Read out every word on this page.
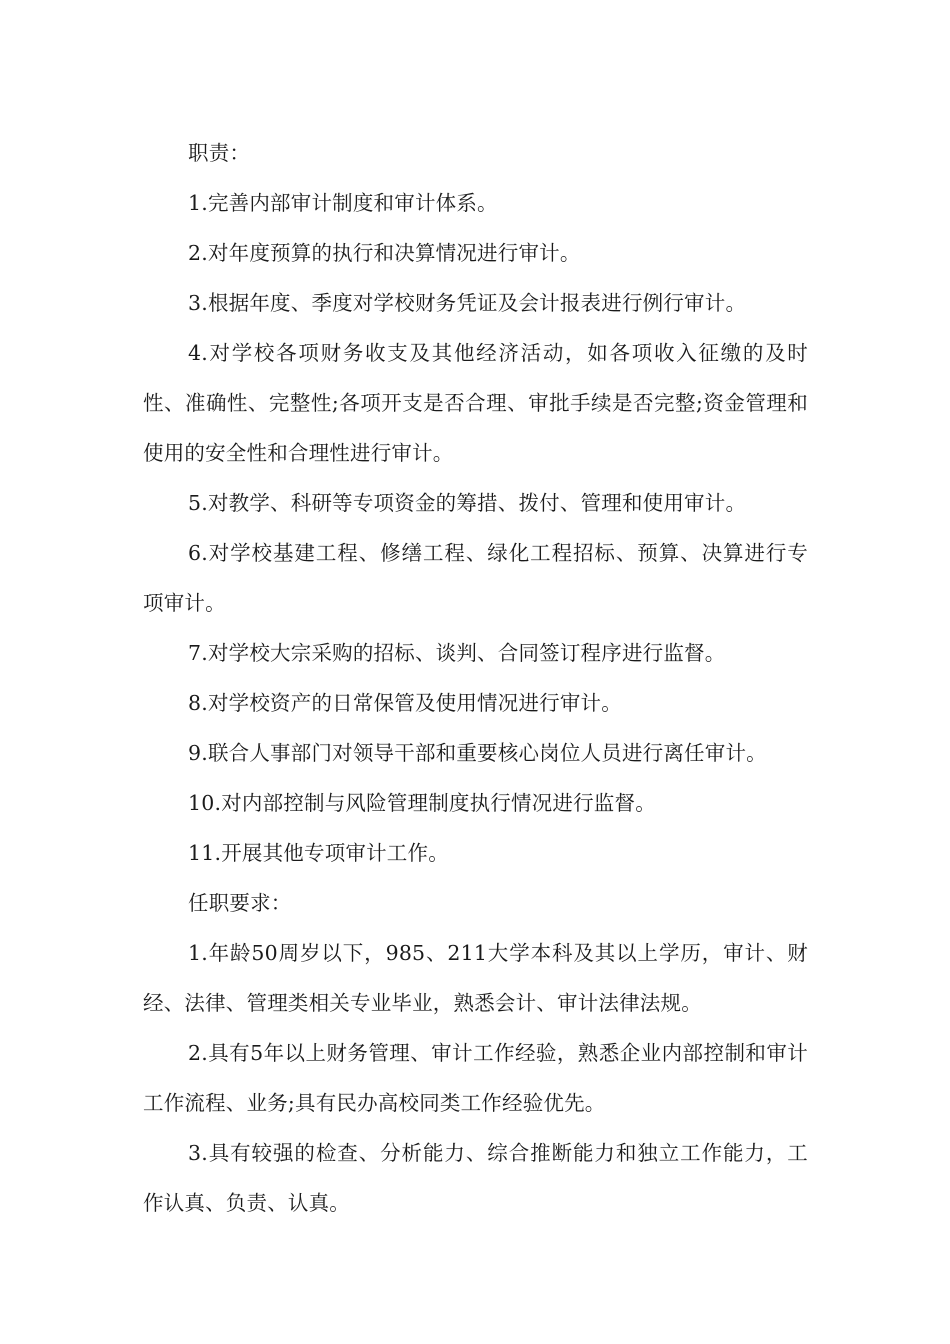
职责：

1.完善内部审计制度和审计体系。

2.对年度预算的执行和决算情况进行审计。

3.根据年度、季度对学校财务凭证及会计报表进行例行审计。

4.对学校各项财务收支及其他经济活动，如各项收入征缴的及时性、准确性、完整性;各项开支是否合理、审批手续是否完整;资金管理和使用的安全性和合理性进行审计。

5.对教学、科研等专项资金的筹措、拨付、管理和使用审计。

6.对学校基建工程、修缮工程、绿化工程招标、预算、决算进行专项审计。

7.对学校大宗采购的招标、谈判、合同签订程序进行监督。

8.对学校资产的日常保管及使用情况进行审计。

9.联合人事部门对领导干部和重要核心岗位人员进行离任审计。

10.对内部控制与风险管理制度执行情况进行监督。

11.开展其他专项审计工作。

任职要求：

1.年龄50周岁以下，985、211大学本科及其以上学历，审计、财经、法律、管理类相关专业毕业，熟悉会计、审计法律法规。

2.具有5年以上财务管理、审计工作经验，熟悉企业内部控制和审计工作流程、业务;具有民办高校同类工作经验优先。

3.具有较强的检查、分析能力、综合推断能力和独立工作能力，工作认真、负责、认真。
